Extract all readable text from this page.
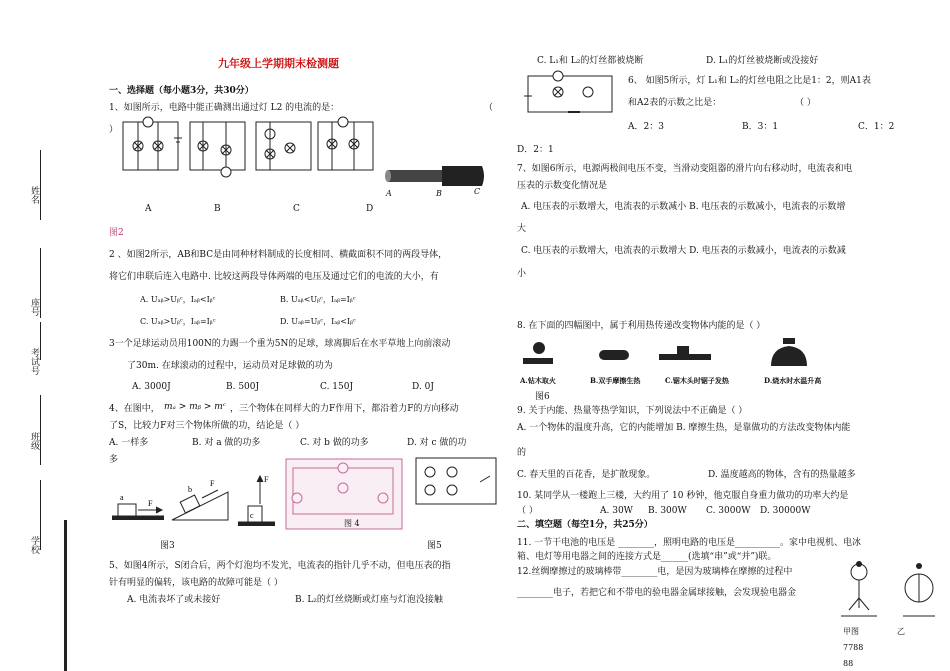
姓名
座号
考试号
班级
学校
九年级上学期期末检测题
一、选择题（每小题3分，共30分）
1、如图所示，电路中能正确测出通过灯 L2 的电流的是：	（
）
A	B	C
A	B	C	D
图2
2 、如图2所示，AB和BC是由同种材料制成的长度相同、横截面积不同的两段导体，
将它们串联后连入电路中. 比较这两段导体两端的电压及通过它们的电流的大小，有
A. Uₐᵦ>Uᵦᶜ，Iₐᵦ<Iᵦᶜ	B. Uₐᵦ<Uᵦᶜ，Iₐᵦ=Iᵦᶜ
C. Uₐᵦ>Uᵦᶜ，Iₐᵦ=Iᵦᶜ	D. Uₐᵦ=Uᵦᶜ，Iₐᵦ<Iᵦᶜ
3一个足球运动员用100N的力踢一个重为5N的足球，球离脚后在水平草地上向前滚动
了30m. 在球滚动的过程中，运动员对足球做的功为
A. 3000J	B. 500J	C. 150J	D. 0J
4、在图中， mₐ > mᵦ > mᶜ ，三个物体在同样大的力F作用下，都沿着力F的方向移动
了S，比较力F对三个物体所做的功，结论是（ ）
A. 一样多	B. 对 a 做的功多	C. 对 b 做的功多	D. 对 c 做的功
多
a
F
b
F
c
F
图 4
图3	图5
5、如图4所示，S闭合后，两个灯泡均不发光，电流表的指针几乎不动，但电压表的指
针有明显的偏转，该电路的故障可能是（ ）
A. 电流表坏了或未接好	B. L₂的灯丝烧断或灯座与灯泡没接触
C. L₁和 L₂的灯丝都被烧断	D. L₁的灯丝被烧断或没接好
6、 如图5所示，灯 L₁和 L₂的灯丝电阻之比是1：2，则A1表
和A2表的示数之比是：	（ ）
A．2：3	B．3：1	C．1：2
D．2：1
7、如图6所示，电源两极间电压不变，当滑动变阻器的滑片向右移动时，电流表和电
压表的示数变化情况是
A. 电压表的示数增大，电流表的示数减小 B. 电压表的示数减小，电流表的示数增
大
C. 电压表的示数增大，电流表的示数增大 D. 电压表的示数减小，电流表的示数减
小
8. 在下面的四幅图中，属于利用热传递改变物体内能的是（ ）
A.钻木取火	B.双手摩擦生热	C.锯木头时锯子发热	D.烧水时水温升高
图6
9. 关于内能、热量等热学知识，下列说法中不正确是（ ）
A. 一个物体的温度升高，它的内能增加 B. 摩擦生热，是靠做功的方法改变物体内能
的
C. 春天里的百花香，是扩散现象。	D. 温度越高的物体，含有的热量越多
10. 某同学从一楼跑上三楼，大约用了 10 秒钟，他克服自身重力做功的功率大约是
（ ）	A. 30W B. 300W C. 3000W D. 30000W
二、填空题（每空1分，共25分）
11. 一节干电池的电压是 ________，照明电路的电压是__________。家中电视机、电冰
箱、电灯等用电器之间的连接方式是______(选填“串”或“并”)联。
12.丝绸摩擦过的玻璃棒带________电，是因为玻璃棒在摩擦的过程中
________电子，若把它和不带电的验电器金属球接触，会发现验电器金
甲图	乙
7788
88
